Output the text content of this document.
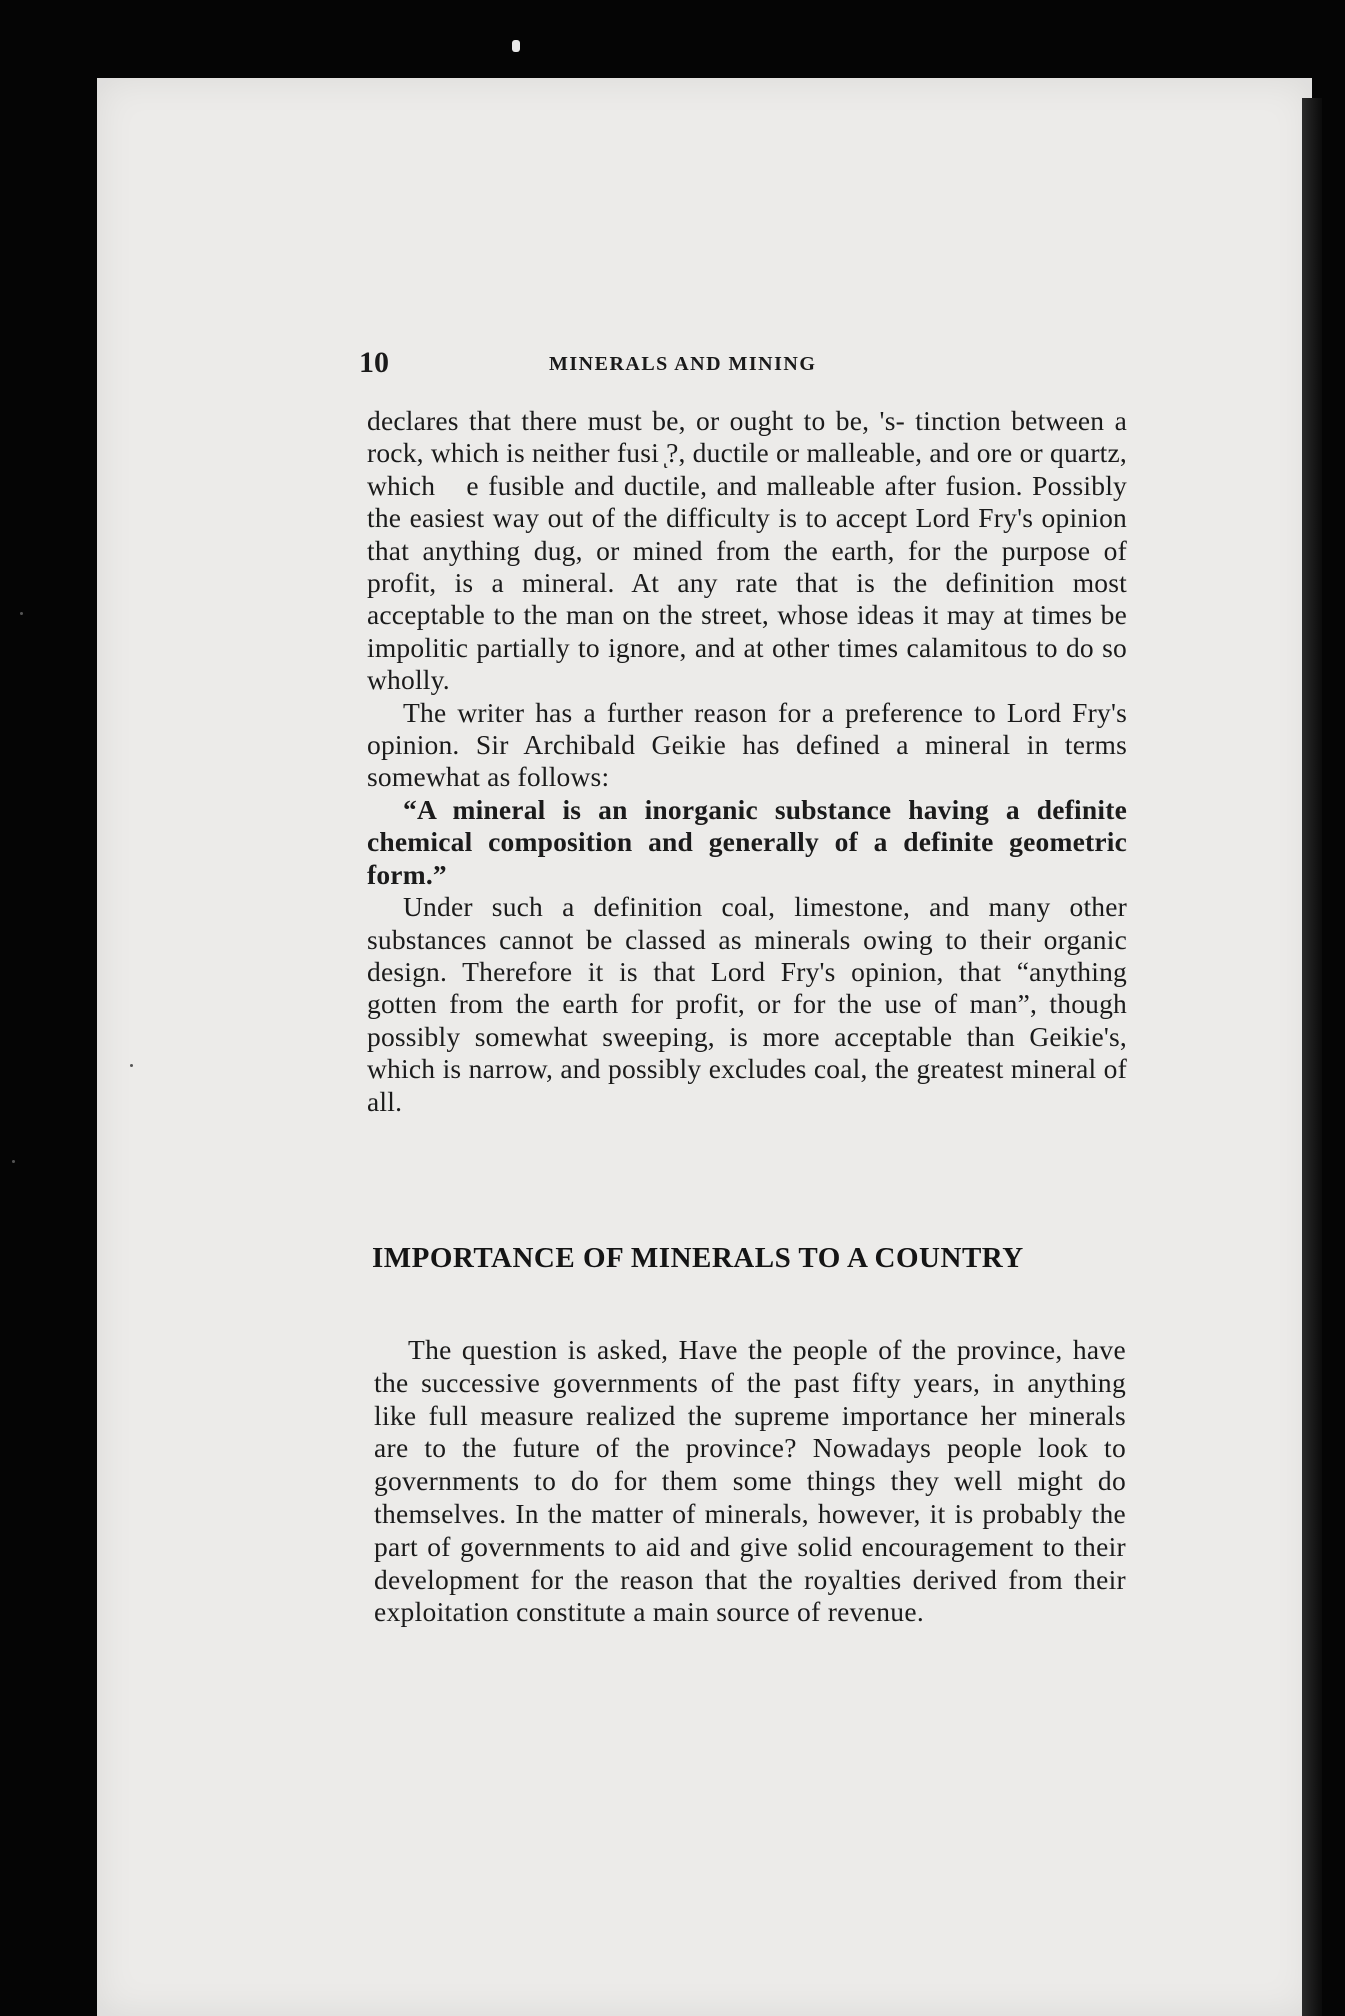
10	MINERALS AND MINING

declares that there must be, or ought to be, 's- tinction between a rock, which is neither fusi ͅ?, ductile or malleable, and ore or quartz, which  e fusible and ductile, and malleable after fusion. Possibly the easiest way out of the difficulty is to accept Lord Fry's opinion that anything dug, or mined from the earth, for the purpose of profit, is a mineral. At any rate that is the definition most acceptable to the man on the street, whose ideas it may at times be impolitic partially to ignore, and at other times calamitous to do so wholly.

The writer has a further reason for a preference to Lord Fry's opinion. Sir Archibald Geikie has defined a mineral in terms somewhat as follows:

“A mineral is an inorganic substance having a definite chemical composition and generally of a definite geometric form.”

Under such a definition coal, limestone, and many other substances cannot be classed as minerals owing to their organic design. Therefore it is that Lord Fry's opinion, that “anything gotten from the earth for profit, or for the use of man”, though possibly somewhat sweeping, is more acceptable than Geikie's, which is narrow, and possibly excludes coal, the greatest mineral of all.

IMPORTANCE OF MINERALS TO A COUNTRY

The question is asked, Have the people of the province, have the successive governments of the past fifty years, in anything like full measure realized the supreme importance her minerals are to the future of the province? Nowadays people look to governments to do for them some things they well might do themselves. In the matter of minerals, however, it is probably the part of governments to aid and give solid encouragement to their development for the reason that the royalties derived from their exploitation constitute a main source of revenue.
